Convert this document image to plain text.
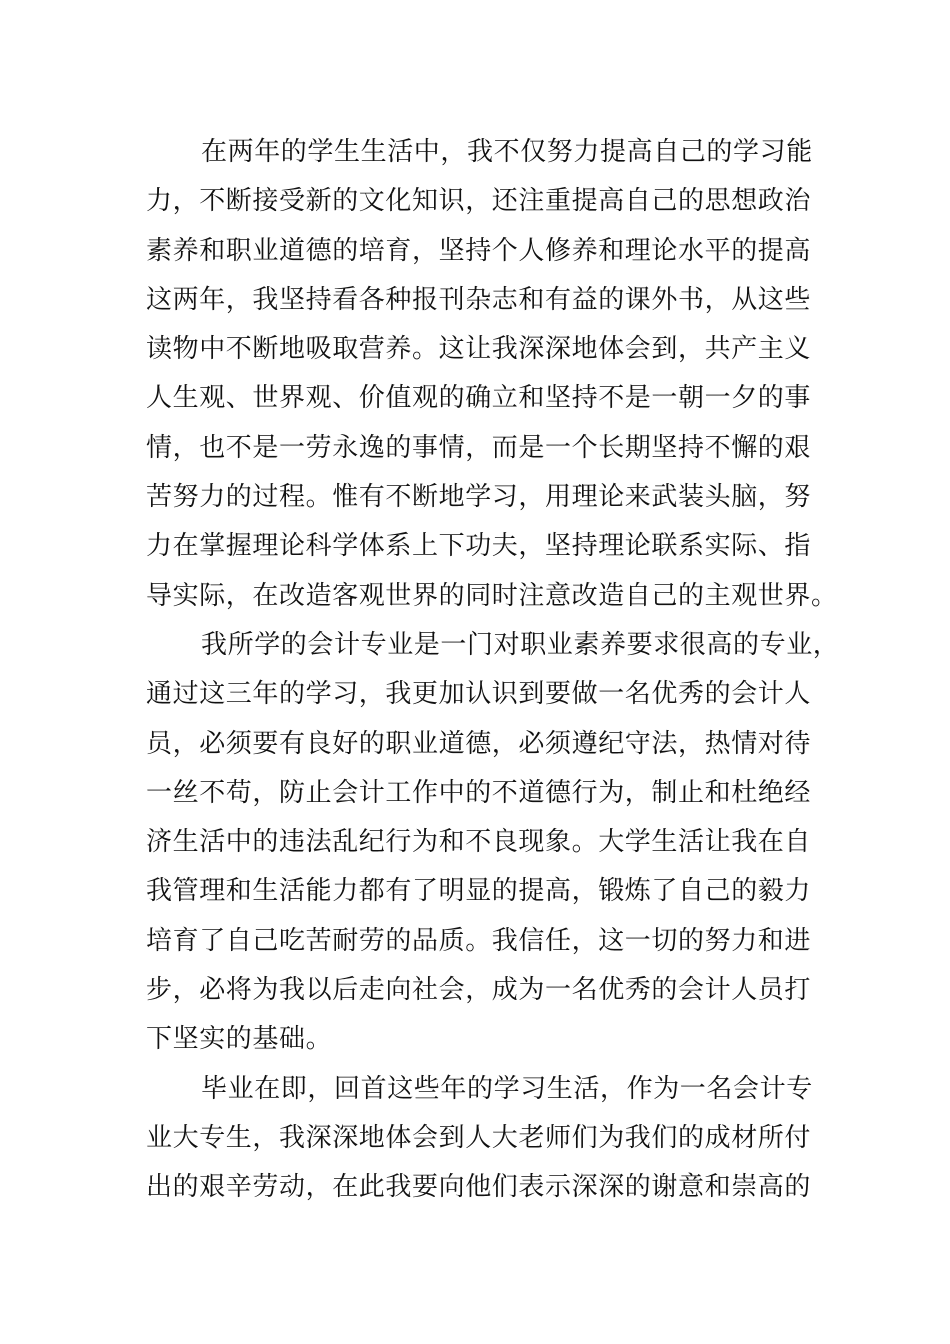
在两年的学生生活中，我不仅努力提高自己的学习能
力，不断接受新的文化知识，还注重提高自己的思想政治
素养和职业道德的培育，坚持个人修养和理论水平的提高
这两年，我坚持看各种报刊杂志和有益的课外书，从这些
读物中不断地吸取营养。这让我深深地体会到，共产主义
人生观、世界观、价值观的确立和坚持不是一朝一夕的事
情，也不是一劳永逸的事情，而是一个长期坚持不懈的艰
苦努力的过程。惟有不断地学习，用理论来武装头脑，努
力在掌握理论科学体系上下功夫，坚持理论联系实际、指
导实际，在改造客观世界的同时注意改造自己的主观世界。
我所学的会计专业是一门对职业素养要求很高的专业，
通过这三年的学习，我更加认识到要做一名优秀的会计人
员，必须要有良好的职业道德，必须遵纪守法，热情对待
一丝不苟，防止会计工作中的不道德行为，制止和杜绝经
济生活中的违法乱纪行为和不良现象。大学生活让我在自
我管理和生活能力都有了明显的提高，锻炼了自己的毅力
培育了自己吃苦耐劳的品质。我信任，这一切的努力和进
步，必将为我以后走向社会，成为一名优秀的会计人员打
下坚实的基础。
毕业在即，回首这些年的学习生活，作为一名会计专
业大专生，我深深地体会到人大老师们为我们的成材所付
出的艰辛劳动，在此我要向他们表示深深的谢意和崇高的
